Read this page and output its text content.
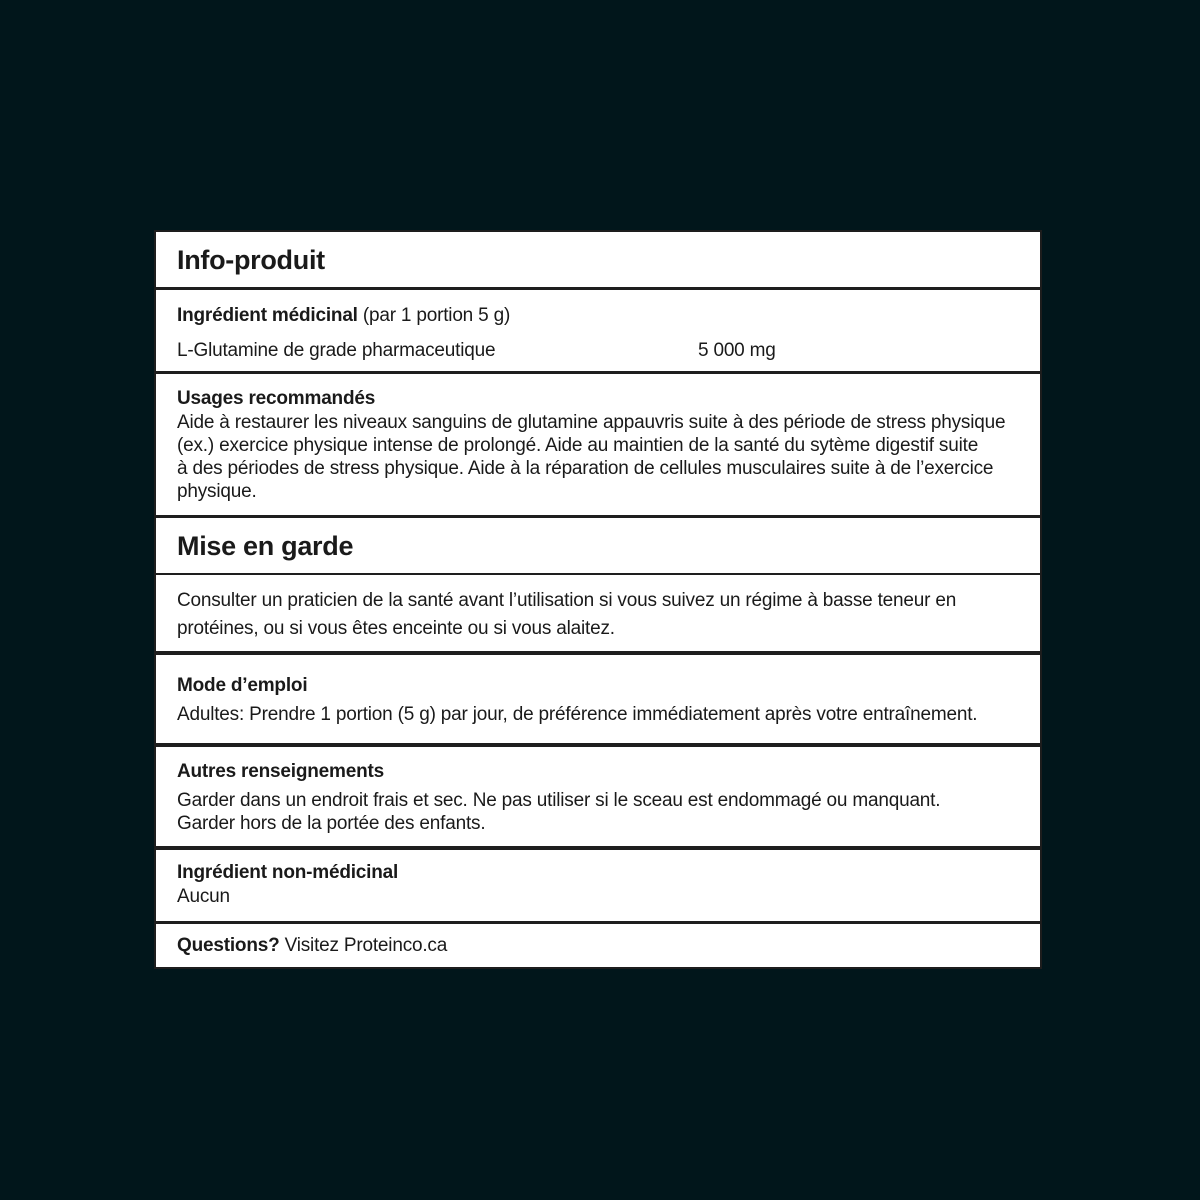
Info-produit
Ingrédient médicinal (par 1 portion 5 g)
L-Glutamine de grade pharmaceutique	5 000 mg
Usages recommandés
Aide à restaurer les niveaux sanguins de glutamine appauvris suite à des période de stress physique
(ex.) exercice physique intense de prolongé. Aide au maintien de la santé du sytème digestif suite
à des périodes de stress physique. Aide à la réparation de cellules musculaires suite à de l’exercice
physique.
Mise en garde
Consulter un praticien de la santé avant l’utilisation si vous suivez un régime à basse teneur en
protéines, ou si vous êtes enceinte ou si vous alaitez.
Mode d’emploi
Adultes: Prendre 1 portion (5 g) par jour, de préférence immédiatement après votre entraînement.
Autres renseignements
Garder dans un endroit frais et sec. Ne pas utiliser si le sceau est endommagé ou manquant.
Garder hors de la portée des enfants.
Ingrédient non-médicinal
Aucun
Questions? Visitez Proteinco.ca
